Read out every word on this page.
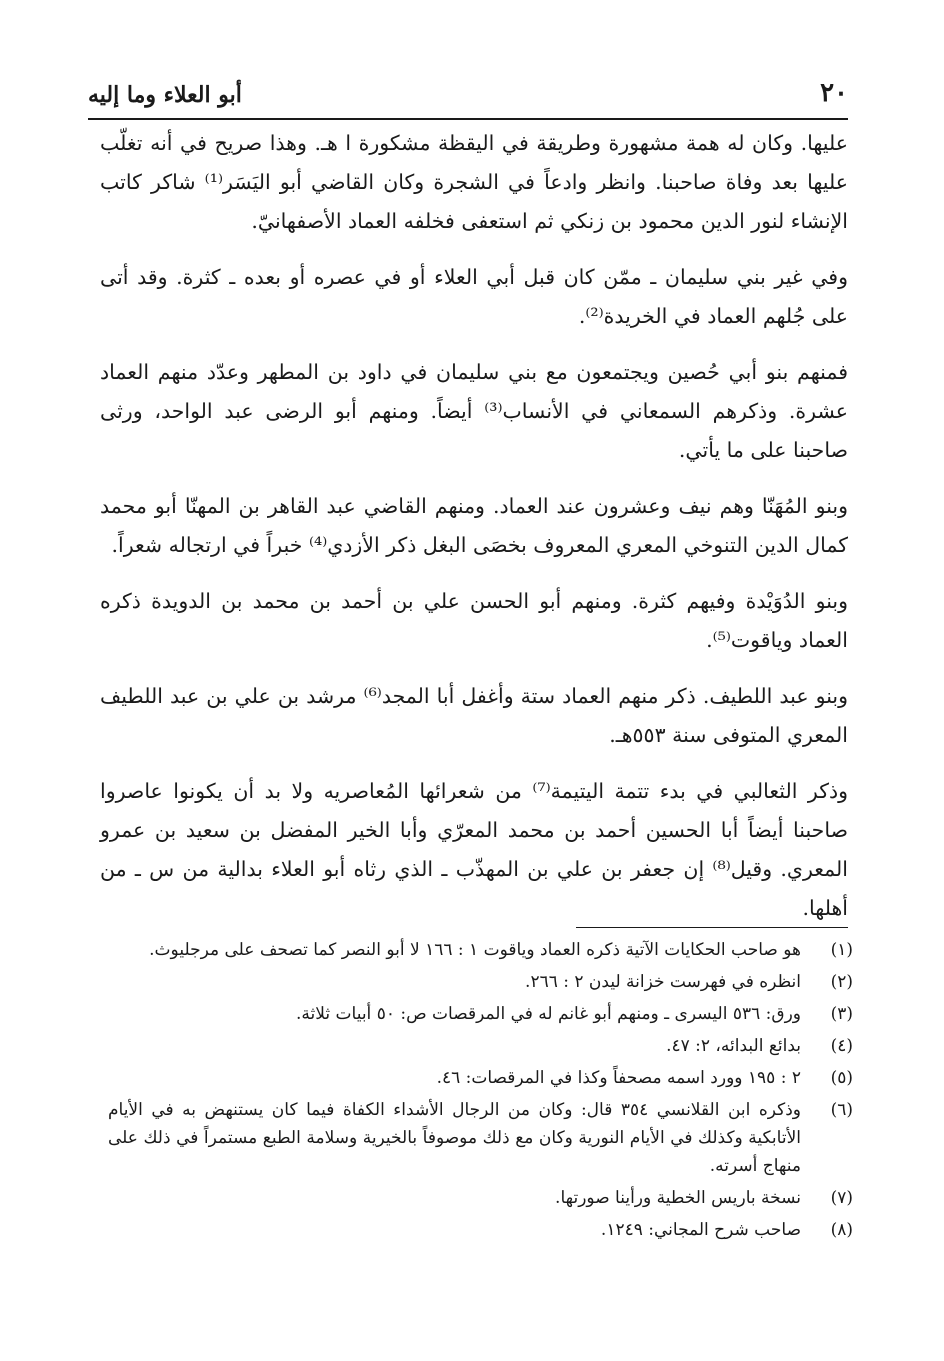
٢٠
أبو العلاء وما إليه

عليها. وكان له همة مشهورة وطريقة في اليقظة مشكورة ا هـ. وهذا صريح في أنه تغلّب عليها بعد وفاة صاحبنا. وانظر وادعاً في الشجرة وكان القاضي أبو اليَسَر⁽¹⁾ شاكر كاتب الإنشاء لنور الدين محمود بن زنكي ثم استعفى فخلفه العماد الأصفهانيّ.

وفي غير بني سليمان ـ ممّن كان قبل أبي العلاء أو في عصره أو بعده ـ كثرة. وقد أتى على جُلهم العماد في الخريدة⁽²⁾.

فمنهم بنو أبي حُصين ويجتمعون مع بني سليمان في داود بن المطهر وعدّد منهم العماد عشرة. وذكرهم السمعاني في الأنساب⁽³⁾ أيضاً. ومنهم أبو الرضى عبد الواحد، ورثى صاحبنا على ما يأتي.

وبنو المُهَنّا وهم نيف وعشرون عند العماد. ومنهم القاضي عبد القاهر بن المهنّا أبو محمد كمال الدين التنوخي المعري المعروف بخصَى البغل ذكر الأزدي⁽⁴⁾ خبراً في ارتجاله شعراً.

وبنو الدُوَيْدة وفيهم كثرة. ومنهم أبو الحسن علي بن أحمد بن محمد بن الدويدة ذكره العماد وياقوت⁽⁵⁾.

وبنو عبد اللطيف. ذكر منهم العماد ستة وأغفل أبا المجد⁽⁶⁾ مرشد بن علي بن عبد اللطيف المعري المتوفى سنة ٥٥٣هـ.

وذكر الثعالبي في بدء تتمة اليتيمة⁽⁷⁾ من شعرائها المُعاصريه ولا بد أن يكونوا عاصروا صاحبنا أيضاً أبا الحسين أحمد بن محمد المعرّي وأبا الخير المفضل بن سعيد بن عمرو المعري. وقيل⁽⁸⁾ إن جعفر بن علي بن المهذّب ـ الذي رثاه أبو العلاء بدالية من س ـ من أهلها.

(١)
هو صاحب الحكايات الآتية ذكره العماد وياقوت ١ : ١٦٦ لا أبو النصر كما تصحف على مرجليوث.
(٢)
انظره في فهرست خزانة ليدن ٢ : ٢٦٦.
(٣)
ورق: ٥٣٦ اليسرى ـ ومنهم أبو غانم له في المرقصات ص: ٥٠ أبيات ثلاثة.
(٤)
بدائع البدائه، ٢: ٤٧.
(٥)
٢ : ١٩٥ وورد اسمه مصحفاً وكذا في المرقصات: ٤٦.
(٦)
وذكره ابن القلانسي ٣٥٤ قال: وكان من الرجال الأشداء الكفاة فيما كان يستنهض به في الأيام الأتابكية وكذلك في الأيام النورية وكان مع ذلك موصوفاً بالخيرية وسلامة الطبع مستمراً في ذلك على منهاج أسرته.
(٧)
نسخة باريس الخطية ورأينا صورتها.
(٨)
صاحب شرح المجاني: ١٢٤٩.
